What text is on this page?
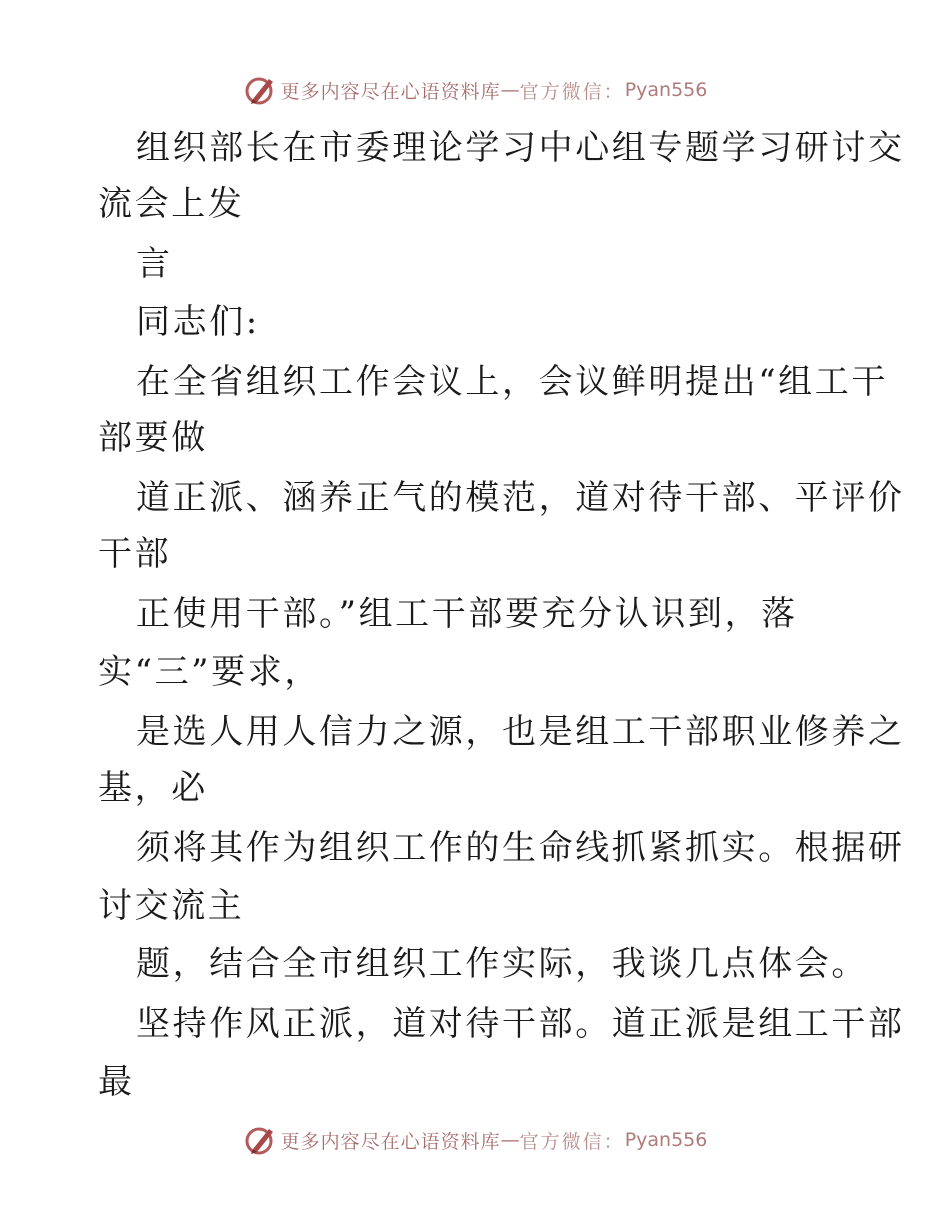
更多内容尽在心语资料库 — 官方微信： Pyan556
组织部长在市委理论学习中心组专题学习研讨交
流会上发
言
同志们:
在全省组织工作会议上，会议鲜明提出“组工干
部要做
道正派、涵养正气的模范，道对待干部、平评价
干部
正使用干部。”组工干部要充分认识到，落
实“三”要求，
是选人用人信力之源，也是组工干部职业修养之
基，必
须将其作为组织工作的生命线抓紧抓实。根据研
讨交流主
题，结合全市组织工作实际，我谈几点体会。
坚持作风正派，道对待干部。道正派是组工干部
最
更多内容尽在心语资料库 — 官方微信： Pyan556
